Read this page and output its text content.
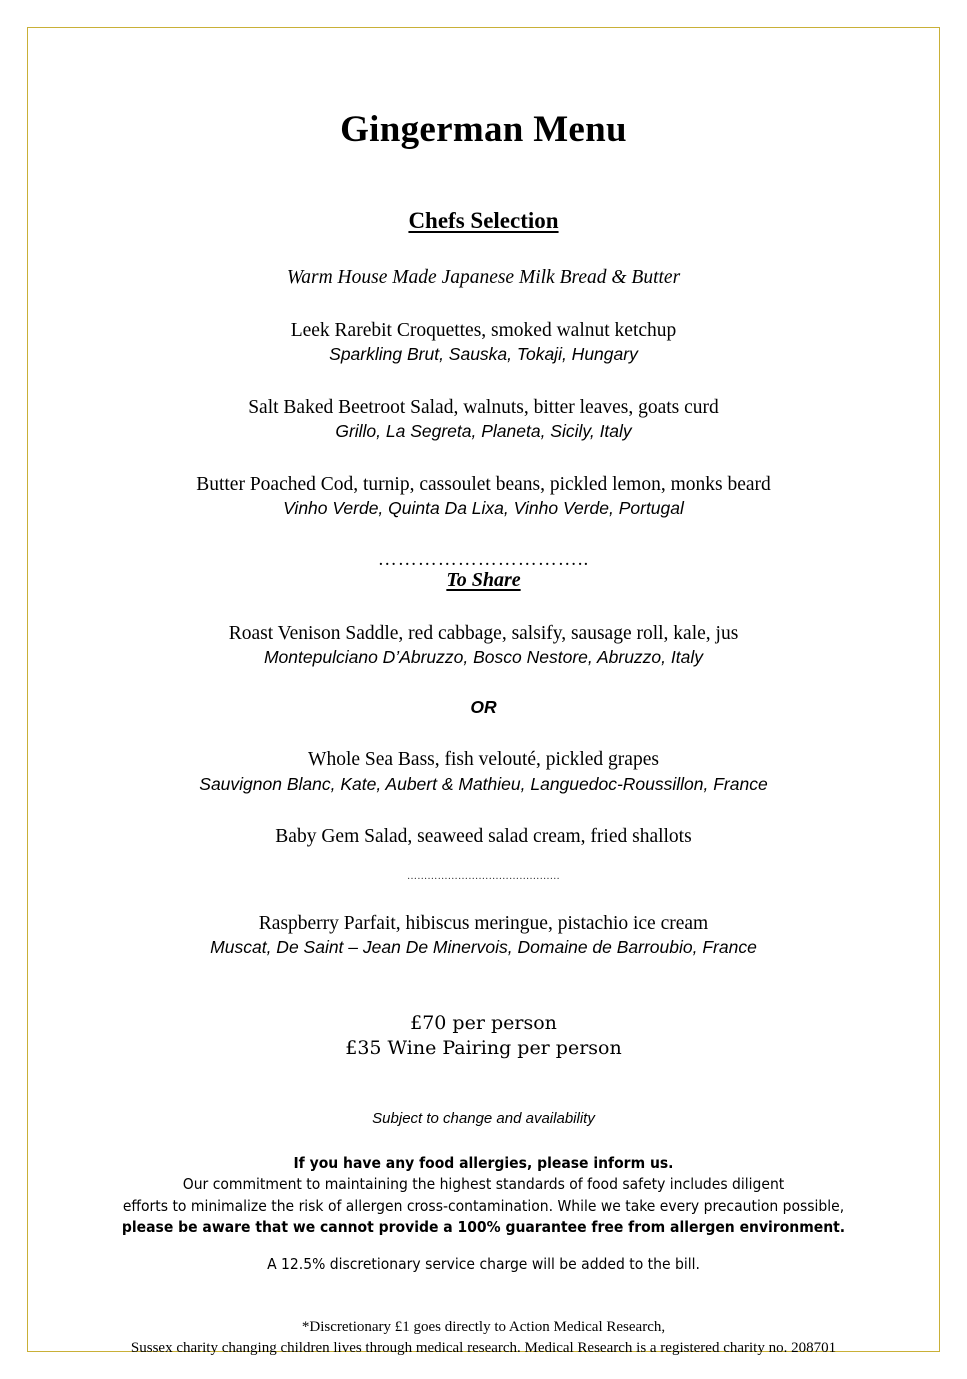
Gingerman Menu
Chefs Selection

Warm House Made Japanese Milk Bread & Butter

Leek Rarebit Croquettes, smoked walnut ketchup

Sparkling Brut, Sauska, Tokaji, Hungary

Salt Baked Beetroot Salad, walnuts, bitter leaves, goats curd

Grillo, La Segreta, Planeta, Sicily, Italy

Butter Poached Cod, turnip, cassoulet beans, pickled lemon, monks beard

Vinho Verde, Quinta Da Lixa, Vinho Verde, Portugal

…………………………..

To Share

Roast Venison Saddle, red cabbage, salsify, sausage roll, kale, jus

Montepulciano D’Abruzzo, Bosco Nestore, Abruzzo, Italy

OR

Whole Sea Bass, fish velouté, pickled grapes

Sauvignon Blanc, Kate, Aubert & Mathieu, Languedoc-Roussillon, France

Baby Gem Salad, seaweed salad cream, fried shallots

………………………………………

Raspberry Parfait, hibiscus meringue, pistachio ice cream

Muscat, De Saint – Jean De Minervois, Domaine de Barroubio, France

£70 per person

£35 Wine Pairing per person

Subject to change and availability

If you have any food allergies, please inform us.

Our commitment to maintaining the highest standards of food safety includes diligent

efforts to minimalize the risk of allergen cross-contamination. While we take every precaution possible,

please be aware that we cannot provide a 100% guarantee free from allergen environment.

A 12.5% discretionary service charge will be added to the bill.

*Discretionary £1 goes directly to Action Medical Research,

Sussex charity changing children lives through medical research. Medical Research is a registered charity no. 208701
